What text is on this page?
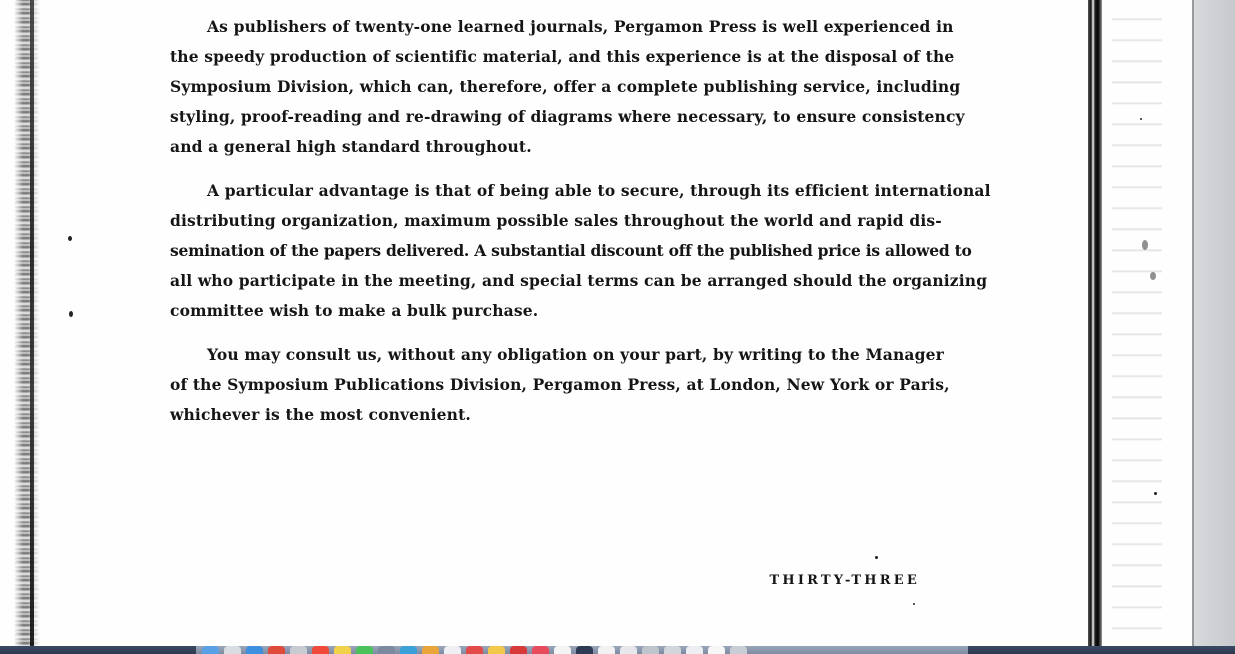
As publishers of twenty-one learned journals, Pergamon Press is well experienced in
the speedy production of scientific material, and this experience is at the disposal of the
Symposium Division, which can, therefore, offer a complete publishing service, including
styling, proof-reading and re-drawing of diagrams where necessary, to ensure consistency
and a general high standard throughout.

A particular advantage is that of being able to secure, through its efficient international
distributing organization, maximum possible sales throughout the world and rapid dis-
semination of the papers delivered. A substantial discount off the published price is allowed to
all who participate in the meeting, and special terms can be arranged should the organizing
committee wish to make a bulk purchase.

You may consult us, without any obligation on your part, by writing to the Manager
of the Symposium Publications Division, Pergamon Press, at London, New York or Paris,
whichever is the most convenient.

THIRTY-THREE
